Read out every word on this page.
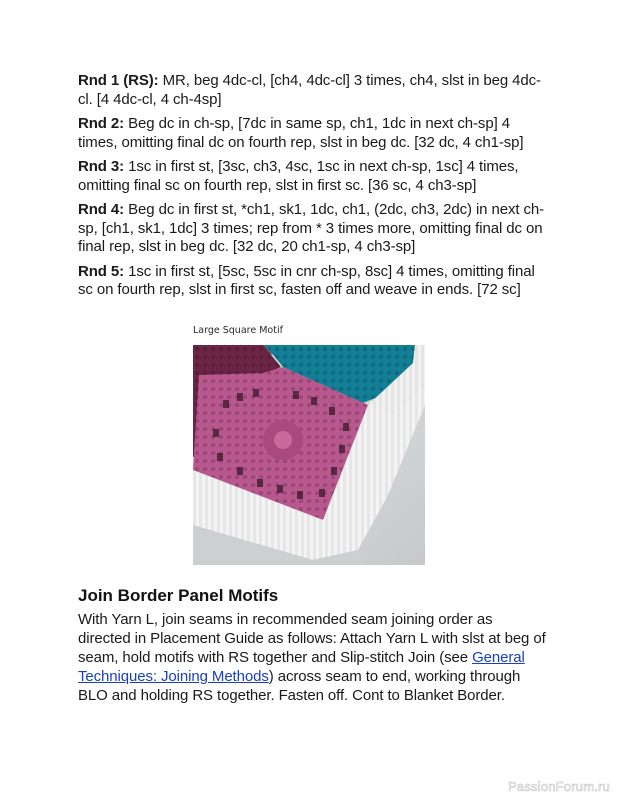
Rnd 1 (RS): MR, beg 4dc-cl, [ch4, 4dc-cl] 3 times, ch4, slst in beg 4dc-cl. [4 4dc-cl, 4 ch-4sp]

Rnd 2: Beg dc in ch-sp, [7dc in same sp, ch1, 1dc in next ch-sp] 4 times, omitting final dc on fourth rep, slst in beg dc. [32 dc, 4 ch1-sp]

Rnd 3: 1sc in first st, [3sc, ch3, 4sc, 1sc in next ch-sp, 1sc] 4 times, omitting final sc on fourth rep, slst in first sc. [36 sc, 4 ch3-sp]

Rnd 4: Beg dc in first st, *ch1, sk1, 1dc, ch1, (2dc, ch3, 2dc) in next ch-sp, [ch1, sk1, 1dc] 3 times; rep from * 3 times more, omitting final dc on final rep, slst in beg dc. [32 dc, 20 ch1-sp, 4 ch3-sp]

Rnd 5: 1sc in first st, [5sc, 5sc in cnr ch-sp, 8sc] 4 times, omitting final sc on fourth rep, slst in first sc, fasten off and weave in ends. [72 sc]

Large Square Motif
Join Border Panel Motifs

With Yarn L, join seams in recommended seam joining order as directed in Placement Guide as follows: Attach Yarn L with slst at beg of seam, hold motifs with RS together and Slip-stitch Join (see General Techniques: Joining Methods) across seam to end, working through BLO and holding RS together. Fasten off. Cont to Blanket Border.

PassionForum.ru
